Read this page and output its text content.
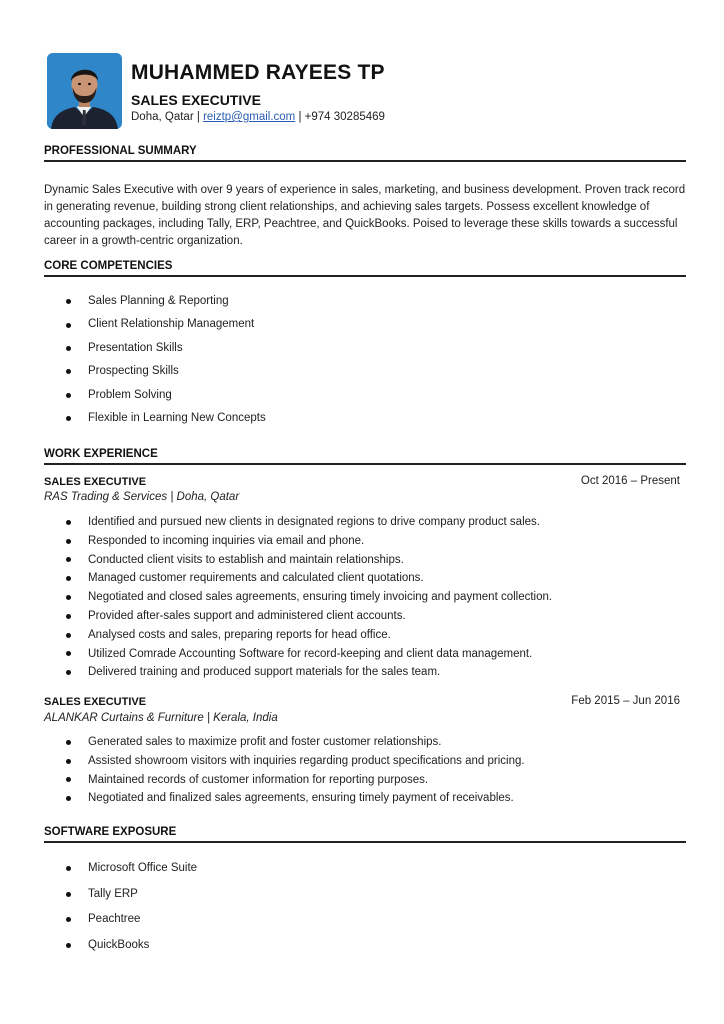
MUHAMMED RAYEES TP
SALES EXECUTIVE
Doha, Qatar | reiztp@gmail.com | +974 30285469
PROFESSIONAL SUMMARY
Dynamic Sales Executive with over 9 years of experience in sales, marketing, and business development. Proven track record in generating revenue, building strong client relationships, and achieving sales targets. Possess excellent knowledge of accounting packages, including Tally, ERP, Peachtree, and QuickBooks. Poised to leverage these skills towards a successful career in a growth-centric organization.
CORE COMPETENCIES
Sales Planning & Reporting
Client Relationship Management
Presentation Skills
Prospecting Skills
Problem Solving
Flexible in Learning New Concepts
WORK EXPERIENCE
SALES EXECUTIVE	Oct 2016 – Present
RAS Trading & Services | Doha, Qatar
Identified and pursued new clients in designated regions to drive company product sales.
Responded to incoming inquiries via email and phone.
Conducted client visits to establish and maintain relationships.
Managed customer requirements and calculated client quotations.
Negotiated and closed sales agreements, ensuring timely invoicing and payment collection.
Provided after-sales support and administered client accounts.
Analysed costs and sales, preparing reports for head office.
Utilized Comrade Accounting Software for record-keeping and client data management.
Delivered training and produced support materials for the sales team.
SALES EXECUTIVE	Feb 2015 – Jun 2016
ALANKAR Curtains & Furniture | Kerala, India
Generated sales to maximize profit and foster customer relationships.
Assisted showroom visitors with inquiries regarding product specifications and pricing.
Maintained records of customer information for reporting purposes.
Negotiated and finalized sales agreements, ensuring timely payment of receivables.
SOFTWARE EXPOSURE
Microsoft Office Suite
Tally ERP
Peachtree
QuickBooks
